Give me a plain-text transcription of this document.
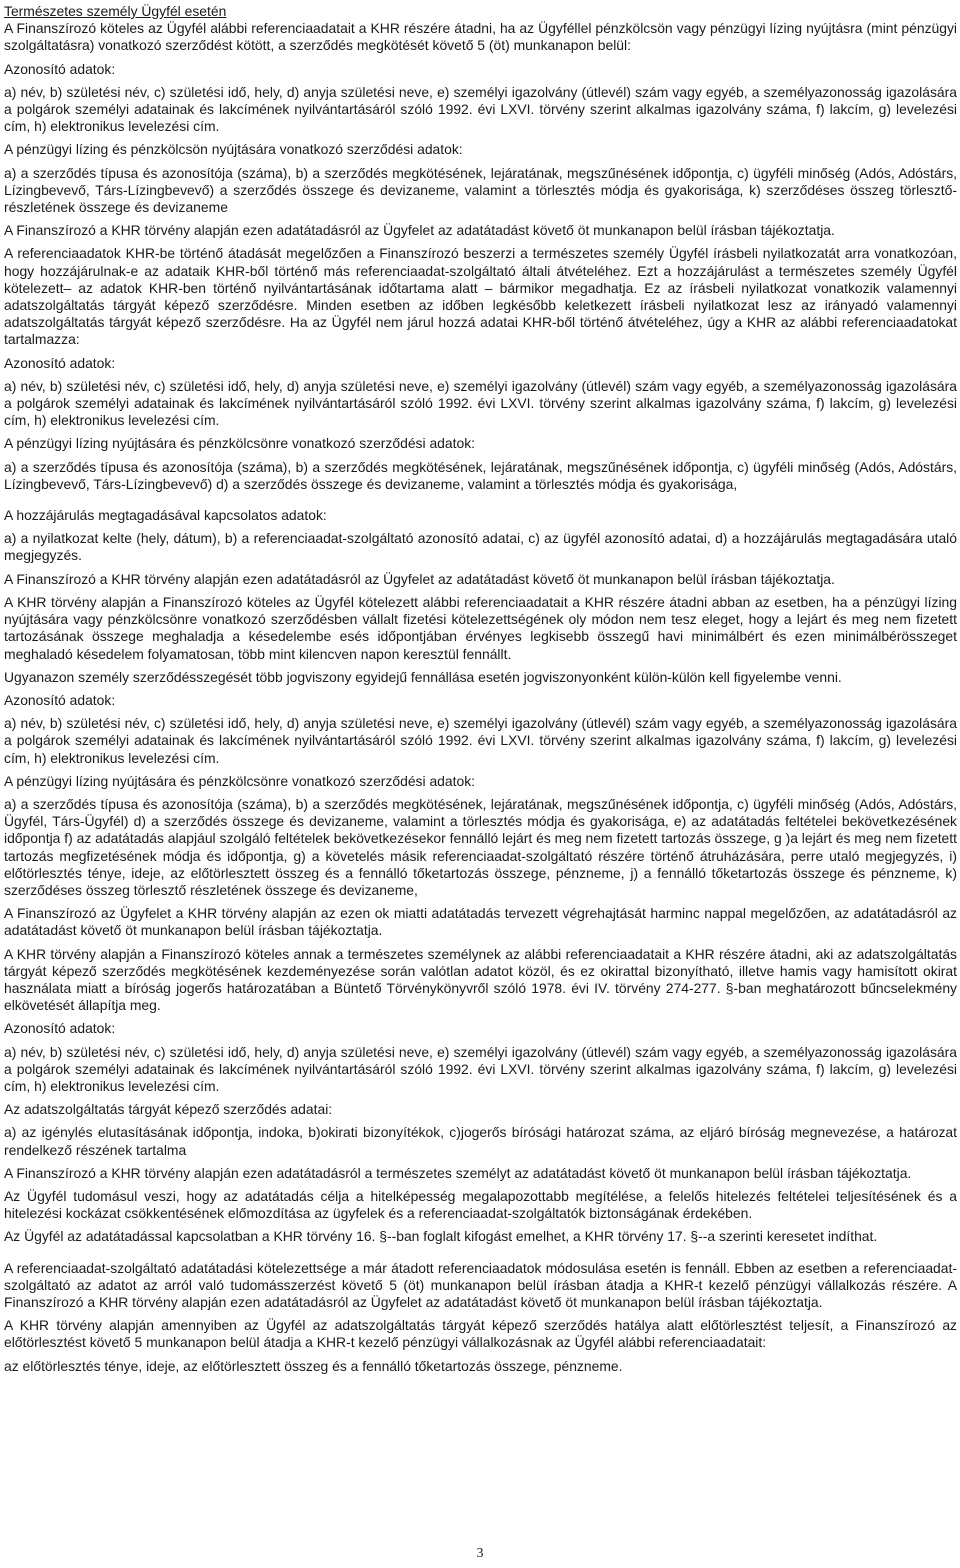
Természetes személy Ügyfél esetén

A Finanszírozó köteles az Ügyfél alábbi referenciaadatait a KHR részére átadni, ha az Ügyféllel pénzkölcsön vagy pénzügyi lízing nyújtásra (mint pénzügyi szolgáltatásra) vonatkozó szerződést kötött, a szerződés megkötését követő 5 (öt) munkanapon belül:

Azonosító adatok:

a) név, b) születési név, c) születési idő, hely, d) anyja születési neve, e) személyi igazolvány (útlevél) szám vagy egyéb, a személyazonosság igazolására a polgárok személyi adatainak és lakcímének nyilvántartásáról szóló 1992. évi LXVI. törvény szerint alkalmas igazolvány száma, f) lakcím, g) levelezési cím, h) elektronikus levelezési cím.

A pénzügyi lízing és pénzkölcsön nyújtására vonatkozó szerződési adatok:

a) a szerződés típusa és azonosítója (száma), b) a szerződés megkötésének, lejáratának, megszűnésének időpontja, c) ügyféli minőség (Adós, Adóstárs, Lízingbevevő, Társ-Lízingbevevő) a szerződés összege és devizaneme, valamint a törlesztés módja és gyakorisága, k) szerződéses összeg törlesztő-részletének összege és devizaneme

A Finanszírozó a KHR törvény alapján ezen adatátadásról az Ügyfelet az adatátadást követő öt munkanapon belül írásban tájékoztatja.

A referenciaadatok KHR-be történő átadását megelőzően a Finanszírozó beszerzi a természetes személy Ügyfél írásbeli nyilatkozatát arra vonatkozóan, hogy hozzájárulnak-e az adataik KHR-ből történő más referenciaadat-szolgáltató általi átvételéhez. Ezt a hozzájárulást a természetes személy Ügyfél kötelezett– az adatok KHR-ben történő nyilvántartásának időtartama alatt – bármikor megadhatja. Ez az írásbeli nyilatkozat vonatkozik valamennyi adatszolgáltatás tárgyát képező szerződésre. Minden esetben az időben legkésőbb keletkezett írásbeli nyilatkozat lesz az irányadó valamennyi adatszolgáltatás tárgyát képező szerződésre. Ha az Ügyfél nem járul hozzá adatai KHR-ből történő átvételéhez, úgy a KHR az alábbi referenciaadatokat tartalmazza:

Azonosító adatok:

a) név, b) születési név, c) születési idő, hely, d) anyja születési neve, e) személyi igazolvány (útlevél) szám vagy egyéb, a személyazonosság igazolására a polgárok személyi adatainak és lakcímének nyilvántartásáról szóló 1992. évi LXVI. törvény szerint alkalmas igazolvány száma, f) lakcím, g) levelezési cím, h) elektronikus levelezési cím.

A pénzügyi lízing nyújtására és pénzkölcsönre vonatkozó szerződési adatok:

a) a szerződés típusa és azonosítója (száma), b) a szerződés megkötésének, lejáratának, megszűnésének időpontja, c) ügyféli minőség (Adós, Adóstárs, Lízingbevevő, Társ-Lízingbevevő) d) a szerződés összege és devizaneme, valamint a törlesztés módja és gyakorisága,

A hozzájárulás megtagadásával kapcsolatos adatok:

a) a nyilatkozat kelte (hely, dátum), b) a referenciaadat-szolgáltató azonosító adatai, c) az ügyfél azonosító adatai, d) a hozzájárulás megtagadására utaló megjegyzés.

A Finanszírozó a KHR törvény alapján ezen adatátadásról az Ügyfelet az adatátadást követő öt munkanapon belül írásban tájékoztatja.

A KHR törvény alapján a Finanszírozó köteles az Ügyfél kötelezett alábbi referenciaadatait a KHR részére átadni abban az esetben, ha a pénzügyi lízing nyújtására vagy pénzkölcsönre vonatkozó szerződésben vállalt fizetési kötelezettségének oly módon nem tesz eleget, hogy a lejárt és meg nem fizetett tartozásának összege meghaladja a késedelembe esés időpontjában érvényes legkisebb összegű havi minimálbért és ezen minimálbérösszeget meghaladó késedelem folyamatosan, több mint kilencven napon keresztül fennállt.

Ugyanazon személy szerződésszegését több jogviszony egyidejű fennállása esetén jogviszonyonként külön-külön kell figyelembe venni.

Azonosító adatok:

a) név, b) születési név, c) születési idő, hely, d) anyja születési neve, e) személyi igazolvány (útlevél) szám vagy egyéb, a személyazonosság igazolására a polgárok személyi adatainak és lakcímének nyilvántartásáról szóló 1992. évi LXVI. törvény szerint alkalmas igazolvány száma, f) lakcím, g) levelezési cím, h) elektronikus levelezési cím.

A pénzügyi lízing nyújtására és pénzkölcsönre vonatkozó szerződési adatok:

a) a szerződés típusa és azonosítója (száma), b) a szerződés megkötésének, lejáratának, megszűnésének időpontja, c) ügyféli minőség (Adós, Adóstárs, Ügyfél, Társ-Ügyfél) d) a szerződés összege és devizaneme, valamint a törlesztés módja és gyakorisága, e) az adatátadás feltételei bekövetkezésének időpontja f) az adatátadás alapjául szolgáló feltételek bekövetkezésekor fennálló lejárt és meg nem fizetett tartozás összege, g )a lejárt és meg nem fizetett tartozás megfizetésének módja és időpontja, g) a követelés másik referenciaadat-szolgáltató részére történő átruházására, perre utaló megjegyzés, i) előtörlesztés ténye, ideje, az előtörlesztett összeg és a fennálló tőketartozás összege, pénzneme, j) a fennálló tőketartozás összege és pénzneme, k) szerződéses összeg törlesztő részletének összege és devizaneme,

A Finanszírozó az Ügyfelet a KHR törvény alapján az ezen ok miatti adatátadás tervezett végrehajtását harminc nappal megelőzően, az adatátadásról az adatátadást követő öt munkanapon belül írásban tájékoztatja.

A KHR törvény alapján a Finanszírozó köteles annak a természetes személynek az alábbi referenciaadatait a KHR részére átadni, aki az adatszolgáltatás tárgyát képező szerződés megkötésének kezdeményezése során valótlan adatot közöl, és ez okirattal bizonyítható, illetve hamis vagy hamisított okirat használata miatt a bíróság jogerős határozatában a Büntető Törvénykönyvről szóló 1978. évi IV. törvény 274-277. §-ban meghatározott bűncselekmény elkövetését állapítja meg.

Azonosító adatok:

a) név, b) születési név, c) születési idő, hely, d) anyja születési neve, e) személyi igazolvány (útlevél) szám vagy egyéb, a személyazonosság igazolására a polgárok személyi adatainak és lakcímének nyilvántartásáról szóló 1992. évi LXVI. törvény szerint alkalmas igazolvány száma, f) lakcím, g) levelezési cím, h) elektronikus levelezési cím.

Az adatszolgáltatás tárgyát képező szerződés adatai:

a) az igénylés elutasításának időpontja, indoka, b)okirati bizonyítékok, c)jogerős bírósági határozat száma, az eljáró bíróság megnevezése, a határozat rendelkező részének tartalma

A Finanszírozó a KHR törvény alapján ezen adatátadásról a természetes személyt az adatátadást követő öt munkanapon belül írásban tájékoztatja.

Az Ügyfél tudomásul veszi, hogy az adatátadás célja a hitelképesség megalapozottabb megítélése, a felelős hitelezés feltételei teljesítésének és a hitelezési kockázat csökkentésének előmozdítása az ügyfelek és a referenciaadat-szolgáltatók biztonságának érdekében.

Az Ügyfél az adatátadással kapcsolatban a KHR törvény 16. §--ban foglalt kifogást emelhet, a KHR törvény 17. §--a szerinti keresetet indíthat.

A referenciaadat-szolgáltató adatátadási kötelezettsége a már átadott referenciaadatok módosulása esetén is fennáll. Ebben az esetben a referenciaadat-szolgáltató az adatot az arról való tudomásszerzést követő 5 (öt) munkanapon belül írásban átadja a KHR-t kezelő pénzügyi vállalkozás részére. A Finanszírozó a KHR törvény alapján ezen adatátadásról az Ügyfelet az adatátadást követő öt munkanapon belül írásban tájékoztatja.

A KHR törvény alapján amennyiben az Ügyfél az adatszolgáltatás tárgyát képező szerződés hatálya alatt előtörlesztést teljesít, a Finanszírozó az előtörlesztést követő 5 munkanapon belül átadja a KHR-t kezelő pénzügyi vállalkozásnak az Ügyfél alábbi referenciaadatait:

az előtörlesztés ténye, ideje, az előtörlesztett összeg és a fennálló tőketartozás összege, pénzneme.

3
